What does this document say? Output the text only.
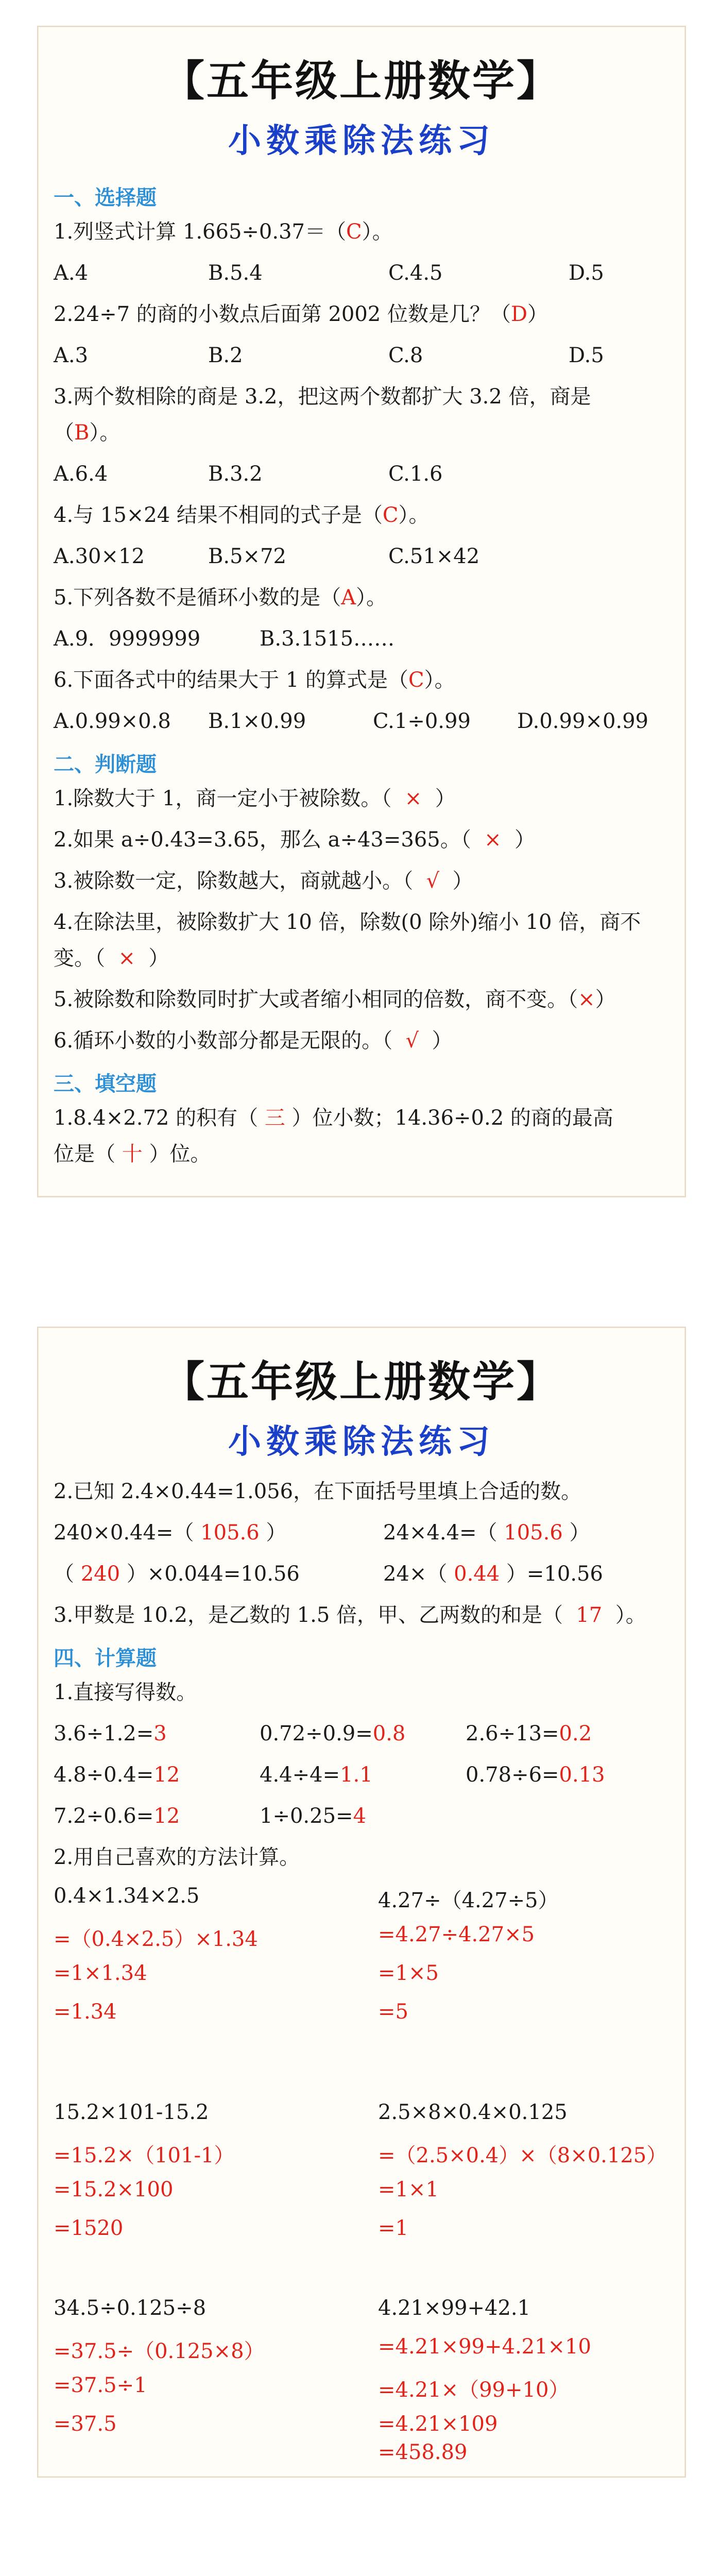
【五年级上册数学】
小数乘除法练习
一、选择题
1.列竖式计算 1.665÷0.37＝（C）。
A.4	B.5.4	C.4.5	D.5
2.24÷7 的商的小数点后面第 2002 位数是几？（D）
A.3	B.2	C.8	D.5
3.两个数相除的商是 3.2，把这两个数都扩大 3.2 倍，商是
（B）。
A.6.4	B.3.2	C.1.6
4.与 15×24 结果不相同的式子是（C）。
A.30×12	B.5×72	C.51×42
5.下列各数不是循环小数的是（A）。
A.9．9999999	B.3.1515……
6.下面各式中的结果大于 1 的算式是（C）。
A.0.99×0.8 B.1×0.99	C.1÷0.99 D.0.99×0.99
二、判断题
1.除数大于 1，商一定小于被除数。（ × ）
2.如果 a÷0.43=3.65，那么 a÷43=365。（ × ）
3.被除数一定，除数越大，商就越小。（ √ ）
4.在除法里，被除数扩大 10 倍，除数(0 除外)缩小 10 倍，商不
变。（ × ）
5.被除数和除数同时扩大或者缩小相同的倍数，商不变。（×）
6.循环小数的小数部分都是无限的。（ √ ）
三、填空题
1.8.4×2.72 的积有（ 三 ）位小数；14.36÷0.2 的商的最高
位是（ 十 ）位。
【五年级上册数学】
小数乘除法练习
2.已知 2.4×0.44=1.056，在下面括号里填上合适的数。
240×0.44=（ 105.6 ）	24×4.4=（ 105.6 ）
（ 240 ）×0.044=10.56	24×（ 0.44 ）=10.56
3.甲数是 10.2，是乙数的 1.5 倍，甲、乙两数的和是（ 17 ）。
四、计算题
1.直接写得数。
3.6÷1.2=3	0.72÷0.9=0.8	2.6÷13=0.2
4.8÷0.4=12	4.4÷4=1.1	0.78÷6=0.13
7.2÷0.6=12	1÷0.25=4
2.用自己喜欢的方法计算。
0.4×1.34×2.5
=（0.4×2.5）×1.34
=1×1.34
=1.34
4.27÷（4.27÷5）
=4.27÷4.27×5
=1×5
=5
15.2×101-15.2
=15.2×（101-1）
=15.2×100
=1520
2.5×8×0.4×0.125
=（2.5×0.4）×（8×0.125）
=1×1
=1
34.5÷0.125÷8
=37.5÷（0.125×8）
=37.5÷1
=37.5
4.21×99+42.1
=4.21×99+4.21×10
=4.21×（99+10）
=4.21×109
=458.89
